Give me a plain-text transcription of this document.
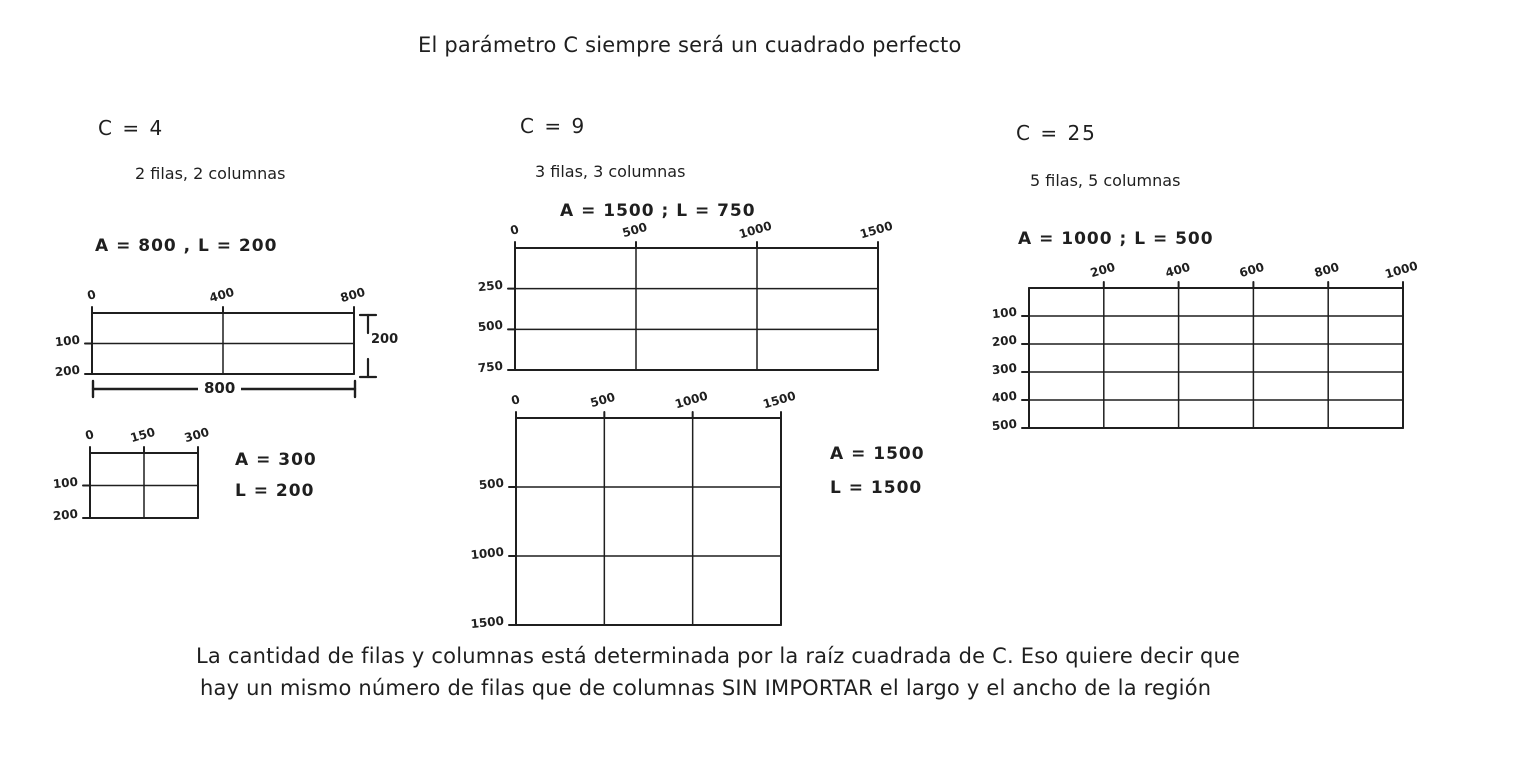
El parámetro C siempre será un cuadrado perfecto
C = 4
2 filas, 2 columnas
A = 800 , L = 200
C = 9
3 filas, 3 columnas
A = 1500 ; L = 750
C = 25
5 filas, 5 columnas
A = 1000 ; L = 500
200
800
La cantidad de filas y columnas está determinada por la raíz cuadrada de C. Eso quiere decir que
hay un mismo número de filas que de columnas SIN IMPORTAR el largo y el ancho de la región
0	400	800
100
200
0	150 300
100
200
0	500	1000	1500
250
500
750
0	500	1000	1500
500
1000
1500
200	400	600	800	1000
100
200
300
400
500
A = 300
L = 200
A = 1500
L = 1500
